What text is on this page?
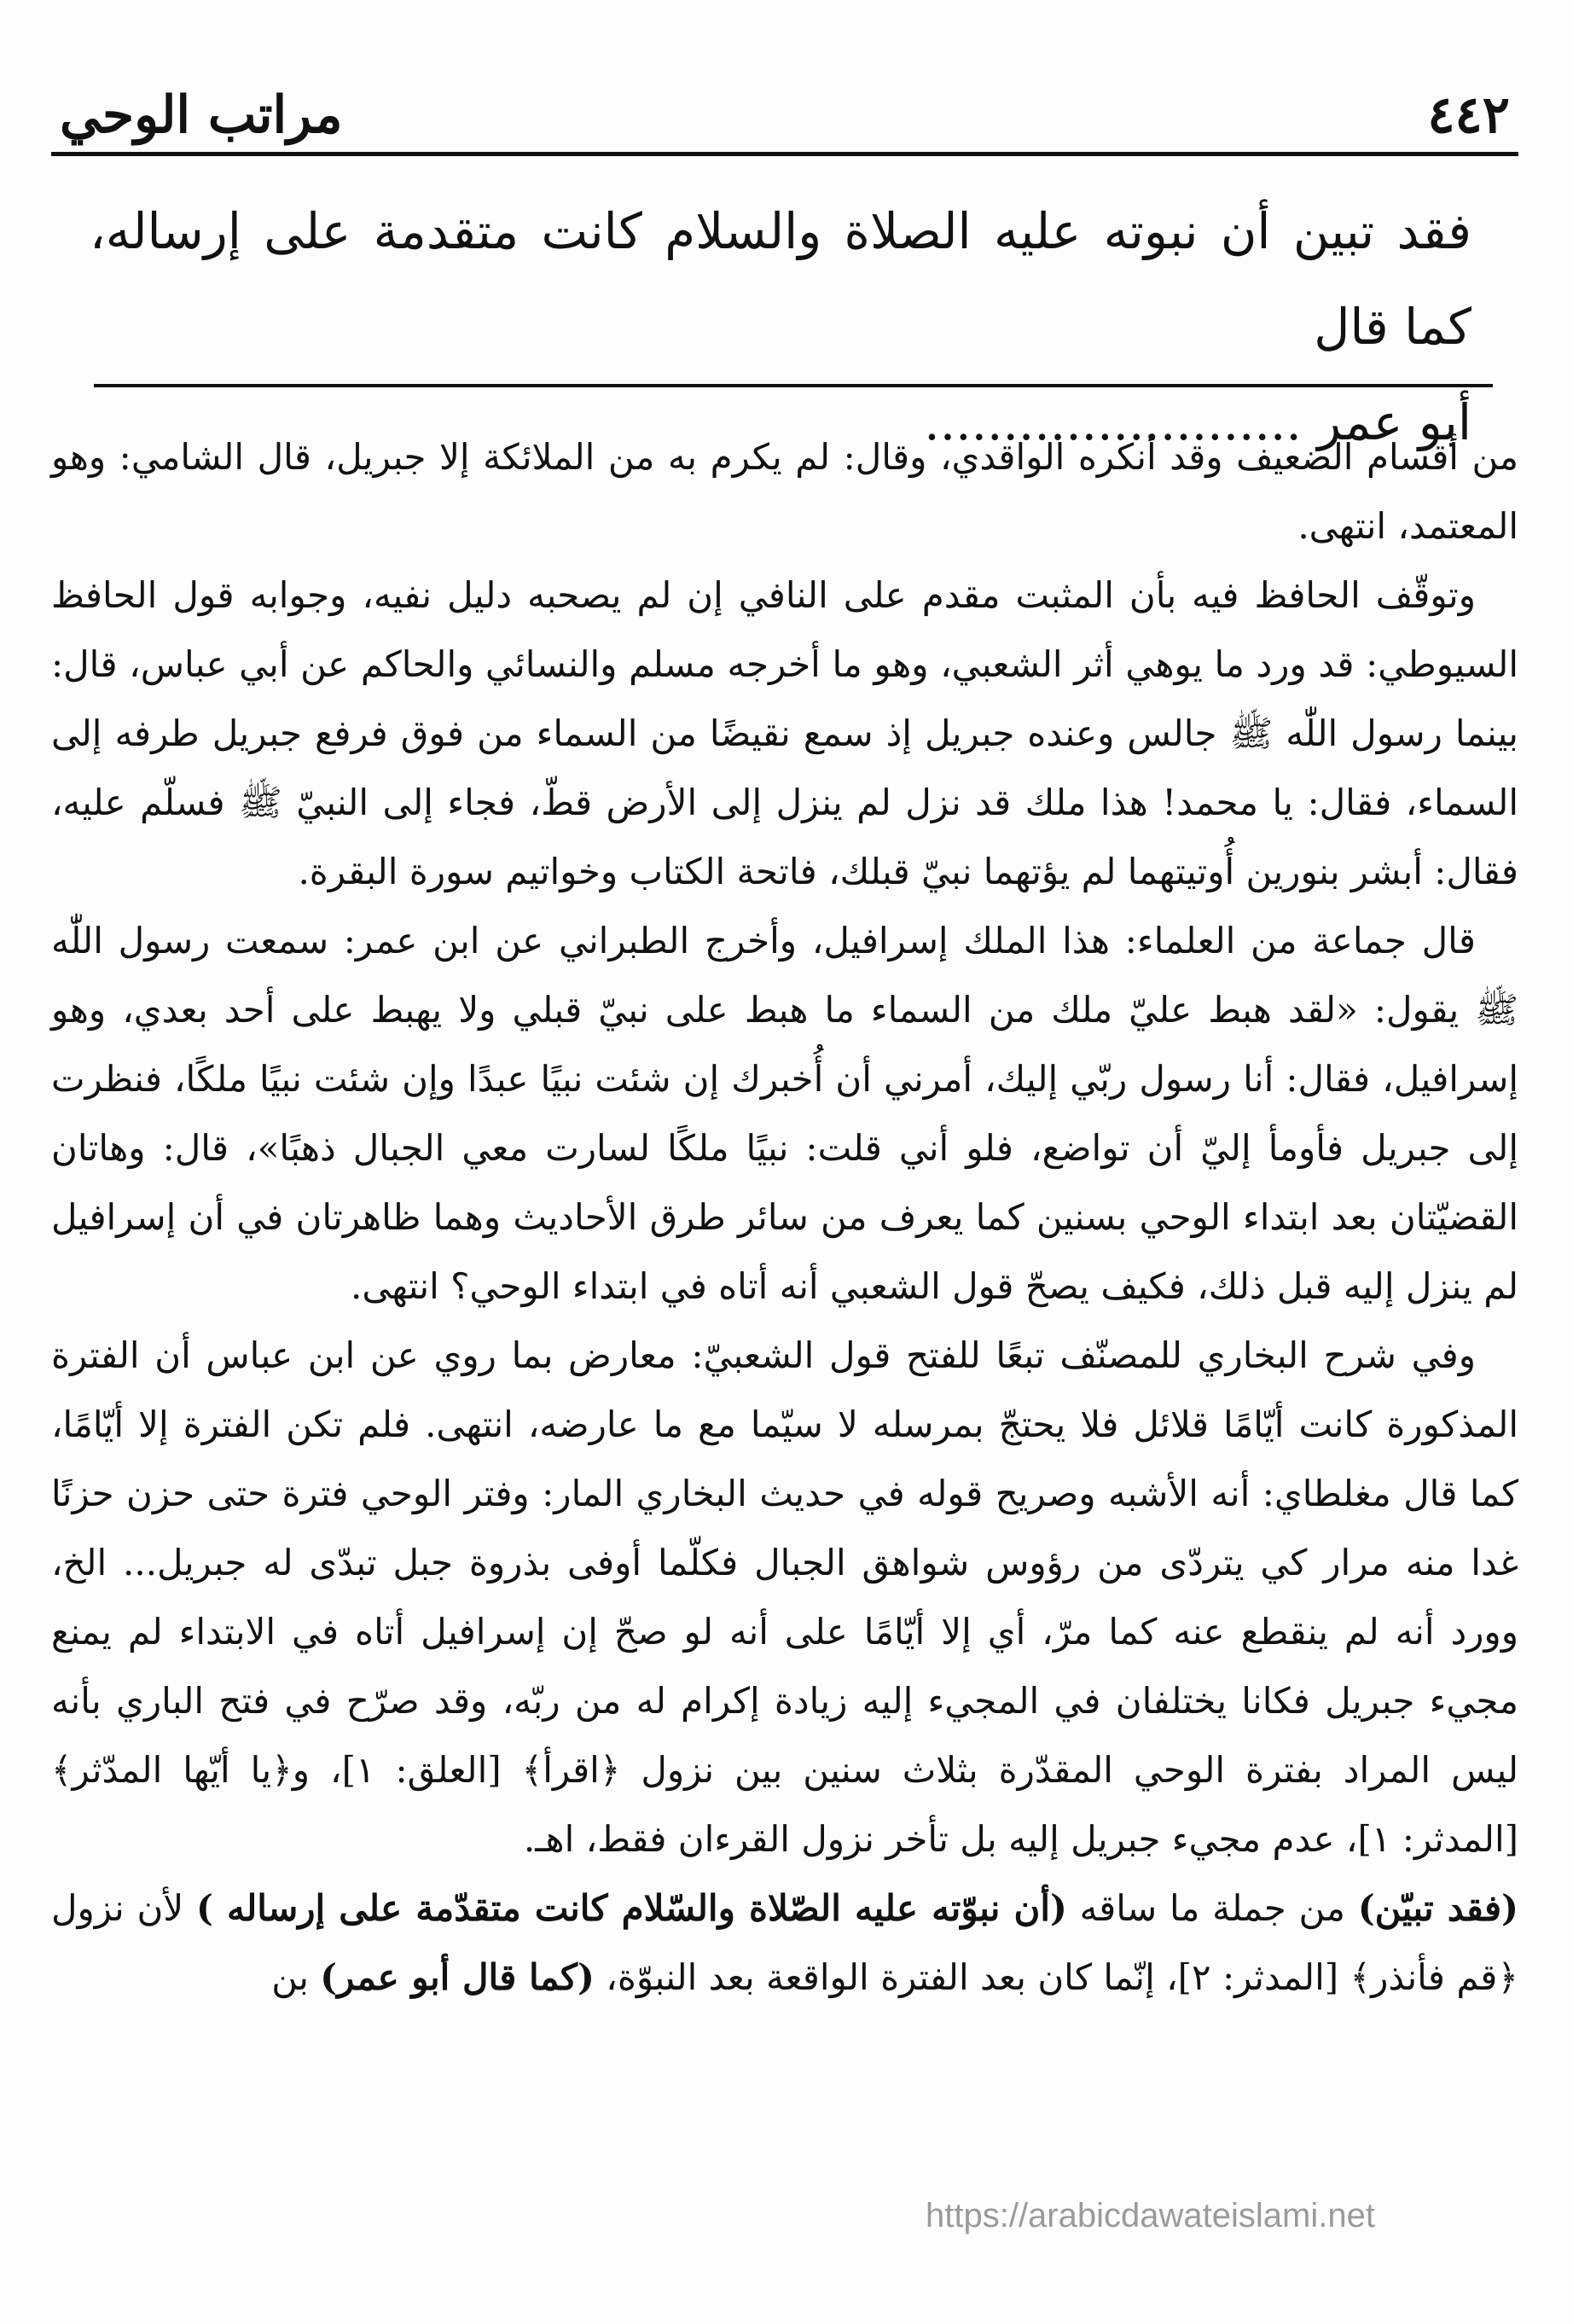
٤٤٢
مراتب الوحي
فقد تبين أن نبوته عليه الصلاة والسلام كانت متقدمة على إرساله، كما قال
أبو عمر ........................

من أقسام الضعيف وقد أنكره الواقدي، وقال: لم يكرم به من الملائكة إلا جبريل، قال الشامي: وهو المعتمد، انتهى.

وتوقّف الحافظ فيه بأن المثبت مقدم على النافي إن لم يصحبه دليل نفيه، وجوابه قول الحافظ السيوطي: قد ورد ما يوهي أثر الشعبي، وهو ما أخرجه مسلم والنسائي والحاكم عن أبي عباس، قال: بينما رسول اللّٰه ﷺ جالس وعنده جبريل إذ سمع نقيضًا من السماء من فوق فرفع جبريل طرفه إلى السماء، فقال: يا محمد! هذا ملك قد نزل لم ينزل إلى الأرض قطّ، فجاء إلى النبيّ ﷺ فسلّم عليه، فقال: أبشر بنورين أُوتيتهما لم يؤتهما نبيّ قبلك، فاتحة الكتاب وخواتيم سورة البقرة.

قال جماعة من العلماء: هذا الملك إسرافيل، وأخرج الطبراني عن ابن عمر: سمعت رسول اللّٰه ﷺ يقول: «لقد هبط عليّ ملك من السماء ما هبط على نبيّ قبلي ولا يهبط على أحد بعدي، وهو إسرافيل، فقال: أنا رسول ربّي إليك، أمرني أن أُخبرك إن شئت نبيًا عبدًا وإن شئت نبيًا ملكًا، فنظرت إلى جبريل فأومأ إليّ أن تواضع، فلو أني قلت: نبيًا ملكًا لسارت معي الجبال ذهبًا»، قال: وهاتان القضيّتان بعد ابتداء الوحي بسنين كما يعرف من سائر طرق الأحاديث وهما ظاهرتان في أن إسرافيل لم ينزل إليه قبل ذلك، فكيف يصحّ قول الشعبي أنه أتاه في ابتداء الوحي؟ انتهى.

وفي شرح البخاري للمصنّف تبعًا للفتح قول الشعبيّ: معارض بما روي عن ابن عباس أن الفترة المذكورة كانت أيّامًا قلائل فلا يحتجّ بمرسله لا سيّما مع ما عارضه، انتهى. فلم تكن الفترة إلا أيّامًا، كما قال مغلطاي: أنه الأشبه وصريح قوله في حديث البخاري المار: وفتر الوحي فترة حتى حزن حزنًا غدا منه مرار كي يتردّى من رؤوس شواهق الجبال فكلّما أوفى بذروة جبل تبدّى له جبريل... الخ، وورد أنه لم ينقطع عنه كما مرّ، أي إلا أيّامًا على أنه لو صحّ إن إسرافيل أتاه في الابتداء لم يمنع مجيء جبريل فكانا يختلفان في المجيء إليه زيادة إكرام له من ربّه، وقد صرّح في فتح الباري بأنه ليس المراد بفترة الوحي المقدّرة بثلاث سنين بين نزول ﴿اقرأ﴾ [العلق: ١]، و﴿يا أيّها المدّثر﴾ [المدثر: ١]، عدم مجيء جبريل إليه بل تأخر نزول القرءان فقط، اهـ.

(فقد تبيّن) من جملة ما ساقه (أن نبوّته عليه الصّلاة والسّلام كانت متقدّمة على إرساله ) لأن نزول ﴿قم فأنذر﴾ [المدثر: ٢]، إنّما كان بعد الفترة الواقعة بعد النبوّة، (كما قال أبو عمر) بن

https://arabicdawateislami.net
